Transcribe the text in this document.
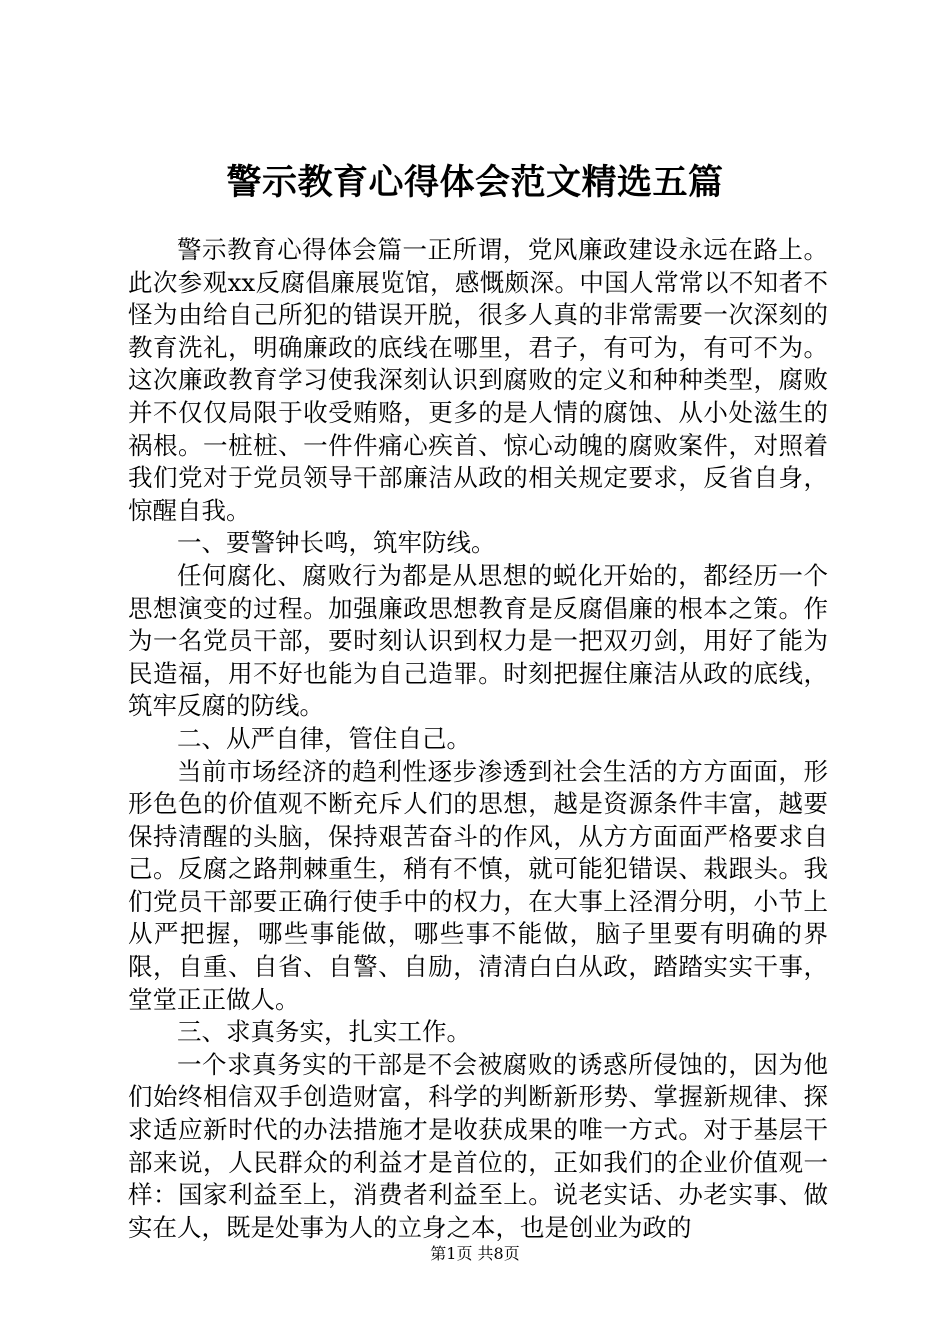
警示教育心得体会范文精选五篇

警示教育心得体会篇一正所谓，党风廉政建设永远在路上。此次参观xx反腐倡廉展览馆，感慨颇深。中国人常常以不知者不怪为由给自己所犯的错误开脱，很多人真的非常需要一次深刻的教育洗礼，明确廉政的底线在哪里，君子，有可为，有可不为。这次廉政教育学习使我深刻认识到腐败的定义和种种类型，腐败并不仅仅局限于收受贿赂，更多的是人情的腐蚀、从小处滋生的祸根。一桩桩、一件件痛心疾首、惊心动魄的腐败案件，对照着我们党对于党员领导干部廉洁从政的相关规定要求，反省自身，惊醒自我。

一、要警钟长鸣，筑牢防线。

任何腐化、腐败行为都是从思想的蜕化开始的，都经历一个思想演变的过程。加强廉政思想教育是反腐倡廉的根本之策。作为一名党员干部，要时刻认识到权力是一把双刃剑，用好了能为民造福，用不好也能为自己造罪。时刻把握住廉洁从政的底线，筑牢反腐的防线。

二、从严自律，管住自己。

当前市场经济的趋利性逐步渗透到社会生活的方方面面，形形色色的价值观不断充斥人们的思想，越是资源条件丰富，越要保持清醒的头脑，保持艰苦奋斗的作风，从方方面面严格要求自己。反腐之路荆棘重生，稍有不慎，就可能犯错误、栽跟头。我们党员干部要正确行使手中的权力，在大事上泾渭分明，小节上从严把握，哪些事能做，哪些事不能做，脑子里要有明确的界限，自重、自省、自警、自励，清清白白从政，踏踏实实干事，堂堂正正做人。

三、求真务实，扎实工作。

一个求真务实的干部是不会被腐败的诱惑所侵蚀的，因为他们始终相信双手创造财富，科学的判断新形势、掌握新规律、探求适应新时代的办法措施才是收获成果的唯一方式。对于基层干部来说，人民群众的利益才是首位的，正如我们的企业价值观一样：国家利益至上，消费者利益至上。说老实话、办老实事、做实在人，既是处事为人的立身之本，也是创业为政的

第1页 共8页
